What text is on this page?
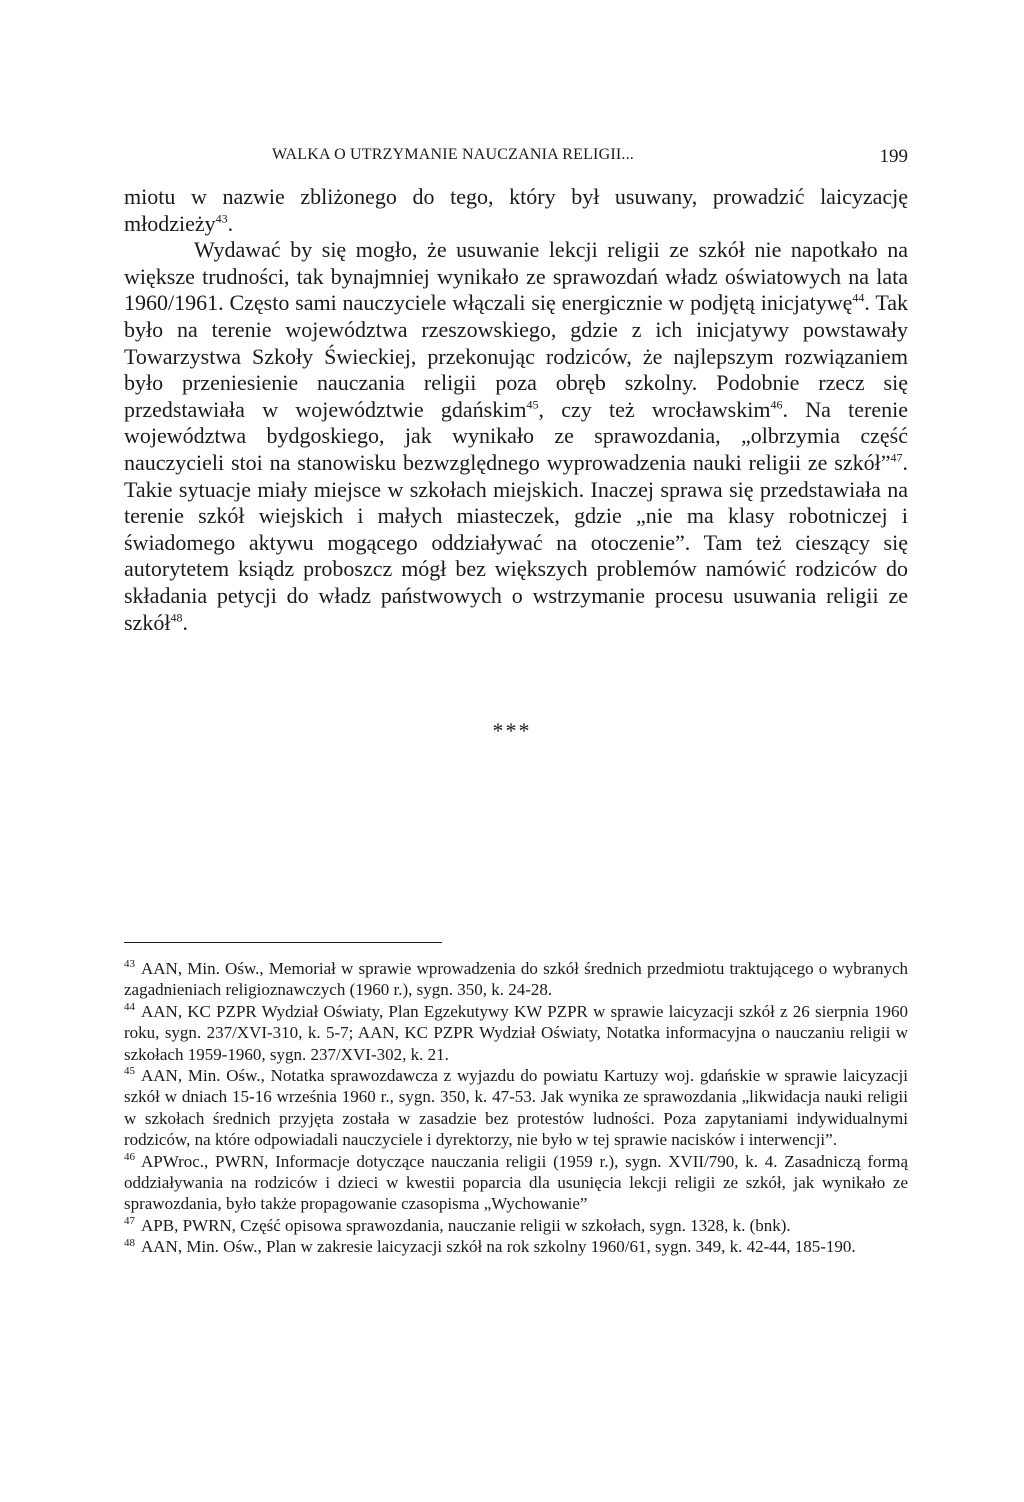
WALKA O UTRZYMANIE NAUCZANIA RELIGII...	199

miotu w nazwie zbliżonego do tego, który był usuwany, prowadzić laicyzację młodzieży$^{43}$.

Wydawać by się mogło, że usuwanie lekcji religii ze szkół nie napotkało na większe trudności, tak bynajmniej wynikało ze sprawozdań władz oświatowych na lata 1960/1961. Często sami nauczyciele włączali się energicznie w podjętą inicjatywę$^{44}$. Tak było na terenie województwa rzeszowskiego, gdzie z ich inicjatywy powstawały Towarzystwa Szkoły Świeckiej, przekonując rodziców, że najlepszym rozwiązaniem było przeniesienie nauczania religii poza obręb szkolny. Podobnie rzecz się przedstawiała w województwie gdańskim$^{45}$, czy też wrocławskim$^{46}$. Na terenie województwa bydgoskiego, jak wynikało ze sprawozdania, „olbrzymia część nauczycieli stoi na stanowisku bezwzględnego wyprowadzenia nauki religii ze szkół”$^{47}$. Takie sytuacje miały miejsce w szkołach miejskich. Inaczej sprawa się przedstawiała na terenie szkół wiejskich i małych miasteczek, gdzie „nie ma klasy robotniczej i świadomego aktywu mogącego oddziaływać na otoczenie”. Tam też cieszący się autorytetem ksiądz proboszcz mógł bez większych problemów namówić rodziców do składania petycji do władz państwowych o wstrzymanie procesu usuwania religii ze szkół$^{48}$.

***

$^{43}$ AAN, Min. Ośw., Memoriał w sprawie wprowadzenia do szkół średnich przedmiotu traktującego o wybranych zagadnieniach religioznawczych (1960 r.), sygn. 350, k. 24-28.

$^{44}$ AAN, KC PZPR Wydział Oświaty, Plan Egzekutywy KW PZPR w sprawie laicyzacji szkół z 26 sierpnia 1960 roku, sygn. 237/XVI-310, k. 5-7; AAN, KC PZPR Wydział Oświaty, Notatka informacyjna o nauczaniu religii w szkołach 1959-1960, sygn. 237/XVI-302, k. 21.

$^{45}$ AAN, Min. Ośw., Notatka sprawozdawcza z wyjazdu do powiatu Kartuzy woj. gdańskie w sprawie laicyzacji szkół w dniach 15-16 września 1960 r., sygn. 350, k. 47-53. Jak wynika ze sprawozdania „likwidacja nauki religii w szkołach średnich przyjęta została w zasadzie bez protestów ludności. Poza zapytaniami indywidualnymi rodziców, na które odpowiadali nauczyciele i dyrektorzy, nie było w tej sprawie nacisków i interwencji”.

$^{46}$ APWroc., PWRN, Informacje dotyczące nauczania religii (1959 r.), sygn. XVII/790, k. 4. Zasadniczą formą oddziaływania na rodziców i dzieci w kwestii poparcia dla usunięcia lekcji religii ze szkół, jak wynikało ze sprawozdania, było także propagowanie czasopisma „Wychowanie”

$^{47}$ APB, PWRN, Część opisowa sprawozdania, nauczanie religii w szkołach, sygn. 1328, k. (bnk).

$^{48}$ AAN, Min. Ośw., Plan w zakresie laicyzacji szkół na rok szkolny 1960/61, sygn. 349, k. 42-44, 185-190.
